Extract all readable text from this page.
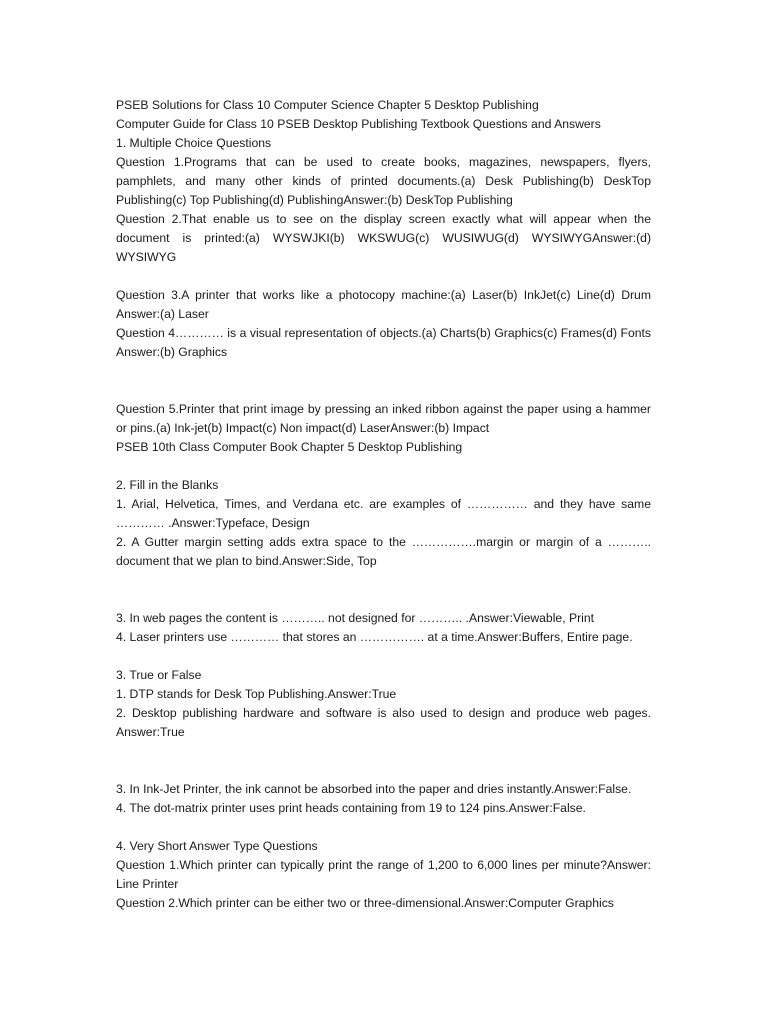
PSEB Solutions for Class 10 Computer Science Chapter 5 Desktop Publishing

Computer Guide for Class 10 PSEB Desktop Publishing Textbook Questions and Answers

1. Multiple Choice Questions

Question 1.Programs that can be used to create books, magazines, newspapers, flyers, pamphlets, and many other kinds of printed documents.(a) Desk Publishing(b) DeskTop Publishing(c) Top Publishing(d) PublishingAnswer:(b) DeskTop Publishing

Question 2.That enable us to see on the display screen exactly what will appear when the document is printed:(a) WYSWJKI(b) WKSWUG(c) WUSIWUG(d) WYSIWYGAnswer:(d) WYSIWYG

Question 3.A printer that works like a photocopy machine:(a) Laser(b) InkJet(c) Line(d) Drum Answer:(a) Laser

Question 4………… is a visual representation of objects.(a) Charts(b) Graphics(c) Frames(d) Fonts Answer:(b) Graphics

Question 5.Printer that print image by pressing an inked ribbon against the paper using a hammer or pins.(a) Ink-jet(b) Impact(c) Non impact(d) LaserAnswer:(b) Impact

PSEB 10th Class Computer Book Chapter 5 Desktop Publishing

2. Fill in the Blanks

1. Arial, Helvetica, Times, and Verdana etc. are examples of …………… and they have same ………… .Answer:Typeface, Design

2. A Gutter margin setting adds extra space to the …………….margin or margin of a ……….. document that we plan to bind.Answer:Side, Top

3. In web pages the content is ……….. not designed for ……….. .Answer:Viewable, Print

4. Laser printers use ………… that stores an ……………. at a time.Answer:Buffers, Entire page.

3. True or False

1. DTP stands for Desk Top Publishing.Answer:True

2. Desktop publishing hardware and software is also used to design and produce web pages. Answer:True

3. In Ink-Jet Printer, the ink cannot be absorbed into the paper and dries instantly.Answer:False.

4. The dot-matrix printer uses print heads containing from 19 to 124 pins.Answer:False.

4. Very Short Answer Type Questions

Question 1.Which printer can typically print the range of 1,200 to 6,000 lines per minute?Answer: Line Printer

Question 2.Which printer can be either two or three-dimensional.Answer:Computer Graphics
